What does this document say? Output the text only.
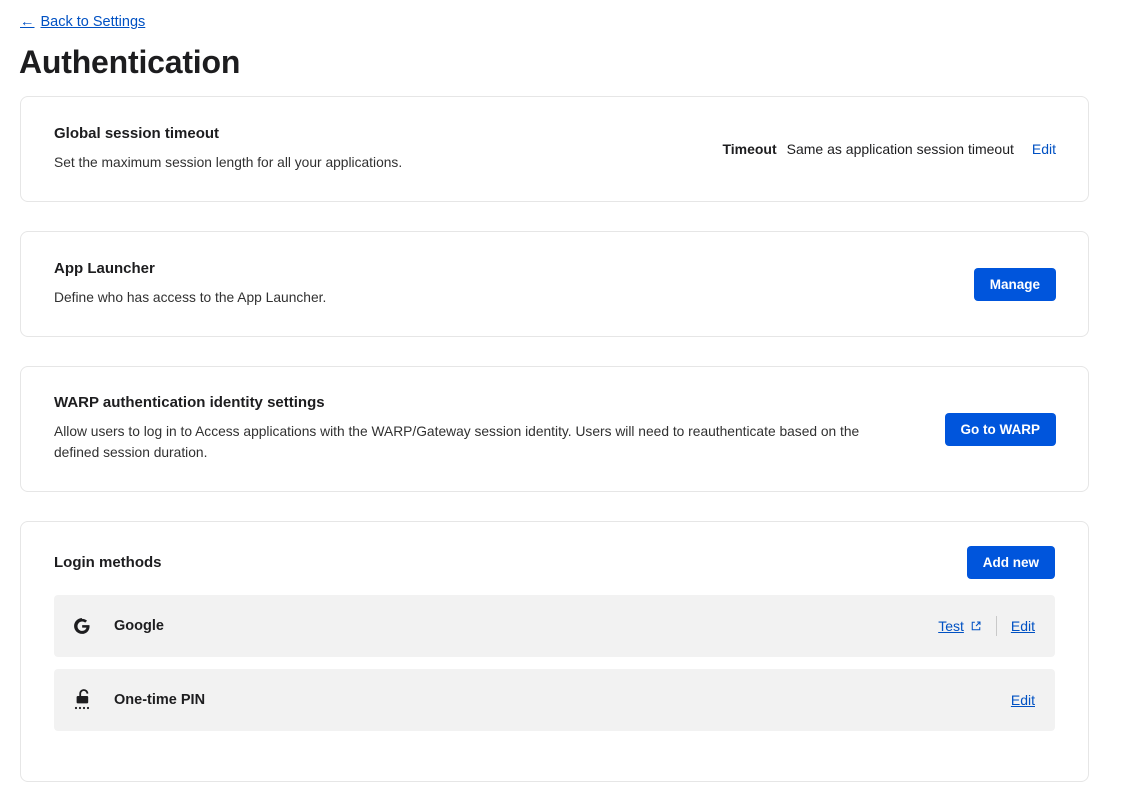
← Back to Settings
Authentication

Global session timeout

Set the maximum session length for all your applications.

Timeout Same as application session timeout	Edit

App Launcher

Define who has access to the App Launcher.

Manage

WARP authentication identity settings

Allow users to log in to Access applications with the WARP/Gateway session identity. Users will need to reauthenticate based on the defined session duration.

Go to WARP

Login methods	Add new
Google	Test	Edit
One-time PIN	Edit
